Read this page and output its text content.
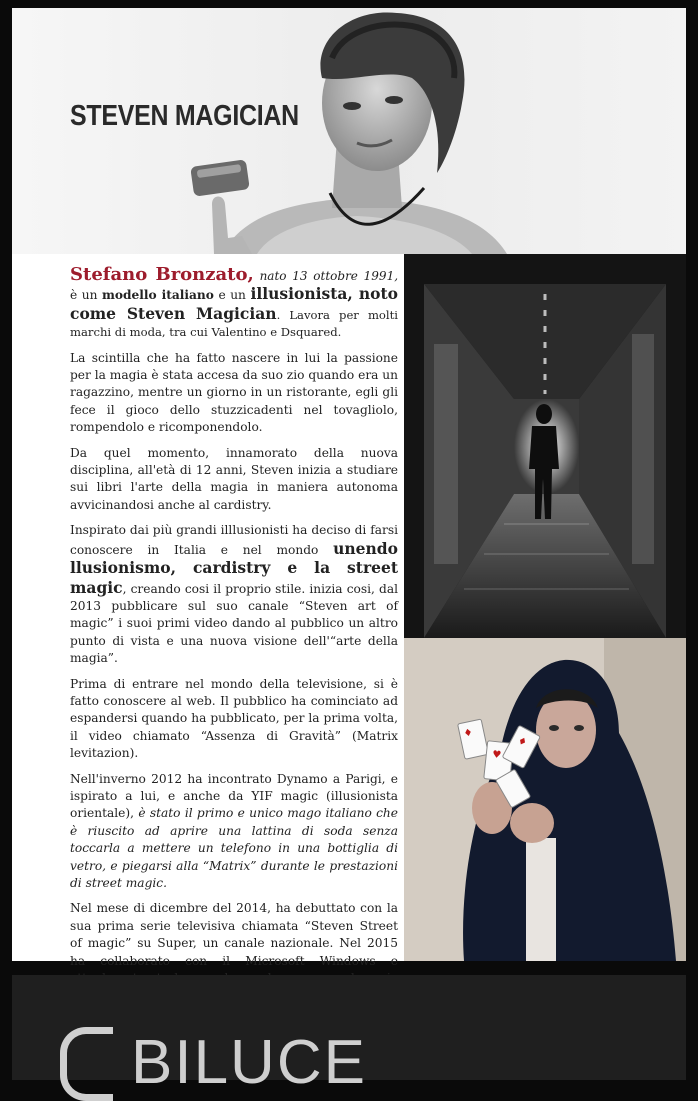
STEVEN MAGICIAN

Stefano Bronzato, nato 13 ottobre 1991, è un modello italiano e un illusionista, noto come Steven Magician. Lavora per molti marchi di moda, tra cui Valentino e Dsquared.

La scintilla che ha fatto nascere in lui la passione per la magia è stata accesa da suo zio quando era un ragazzino, mentre un giorno in un ristorante, egli gli fece il gioco dello stuzzicadenti nel tovagliolo, rompendolo e ricomponendolo.

Da quel momento, innamorato della nuova disciplina, all'età di 12 anni, Steven inizia a studiare sui libri l'arte della magia in maniera autonoma avvicinandosi anche al cardistry.

Inspirato dai più grandi illlusionisti ha deciso di farsi conoscere in Italia e nel mondo unendo llusionismo, cardistry e la street magic, creando cosi il proprio stile. inizia cosi, dal 2013 pubblicare sul suo canale “Steven art of magic” i suoi primi video dando al pubblico un altro punto di vista e una nuova visione dell'“arte della magia”.

Prima di entrare nel mondo della televisione, si è fatto conoscere al web. Il pubblico ha cominciato ad espandersi quando ha pubblicato, per la prima volta, il video chiamato “Assenza di Gravità” (Matrix levitazion).

Nell'inverno 2012 ha incontrato Dynamo a Parigi, e ispirato a lui, e anche da YIF magic (illusionista orientale), è stato il primo e unico mago italiano che è riuscito ad aprire una lattina di soda senza toccarla a mettere un telefono in una bottiglia di vetro, e piegarsi alla “Matrix” durante le prestazioni di street magic.

Nel mese di dicembre del 2014, ha debuttato con la sua prima serie televisiva chiamata “Steven Street of magic” su Super, un canale nazionale. Nel 2015 ha collaborato con il Microsoft Windows e

♦
♥
♦
BILUCE
